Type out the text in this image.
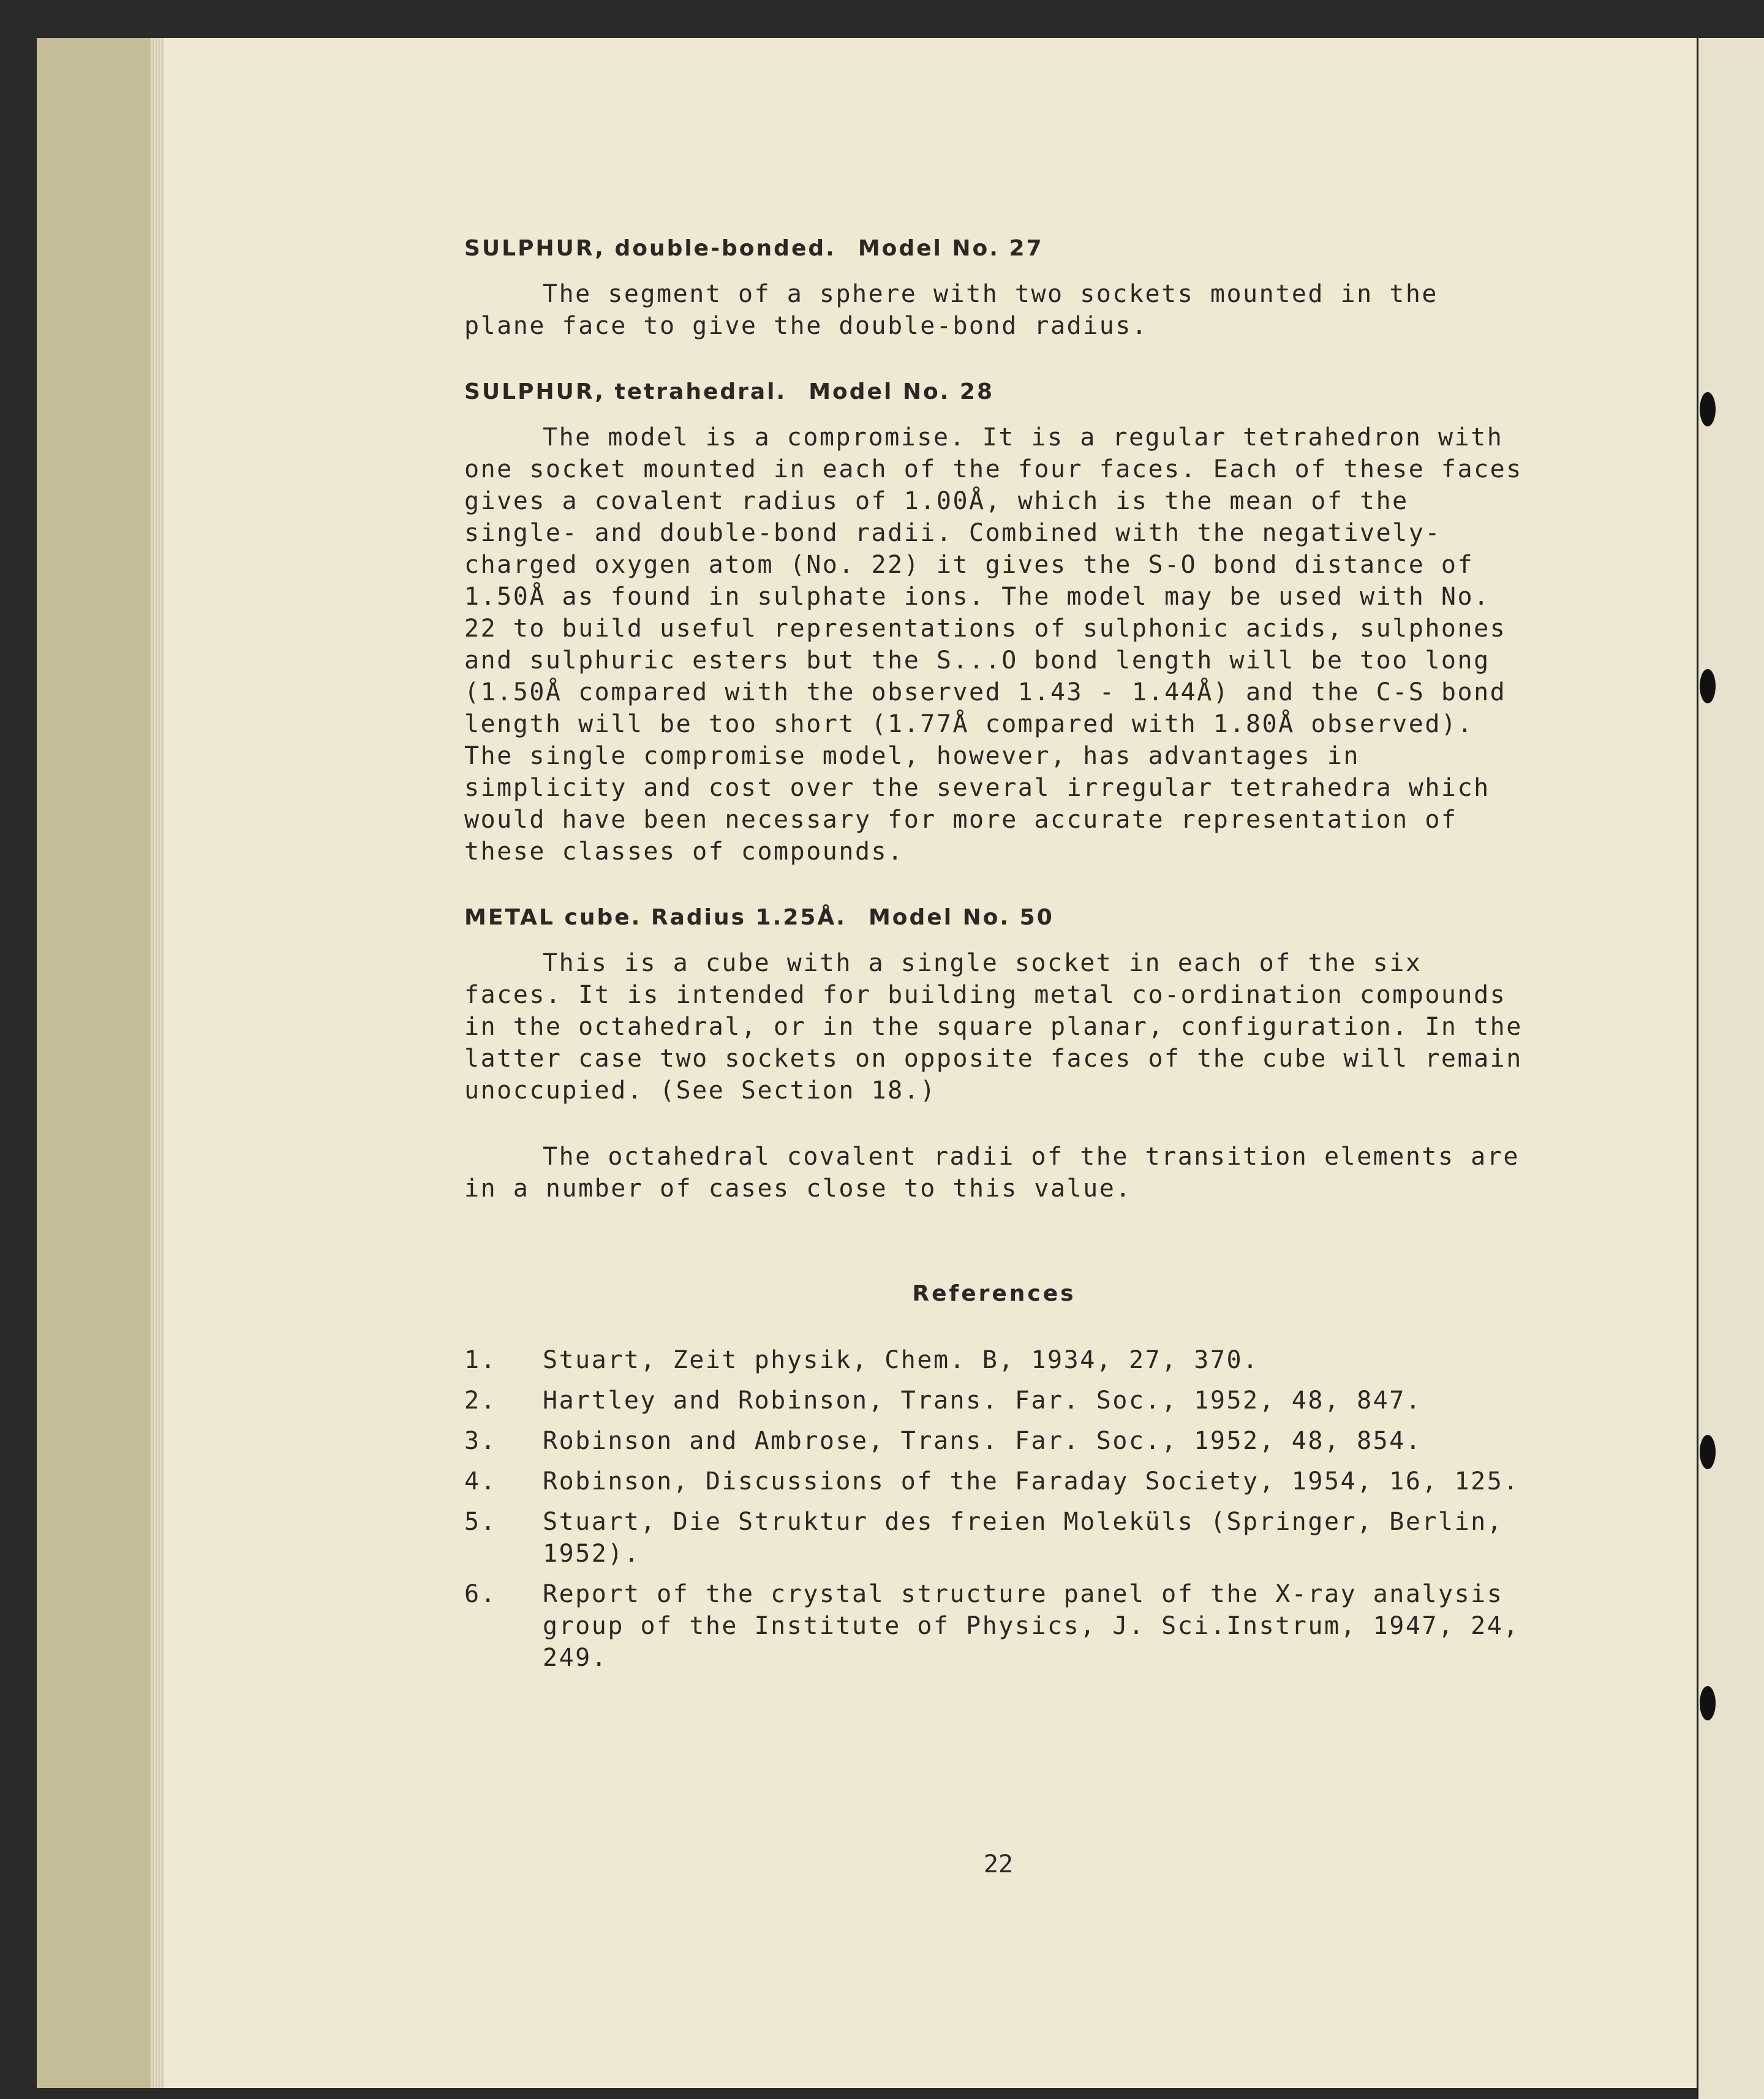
SULPHUR, double-bonded. Model No. 27

The segment of a sphere with two sockets mounted in the plane face to give the double-bond radius.

SULPHUR, tetrahedral. Model No. 28

The model is a compromise. It is a regular tetrahedron with one socket mounted in each of the four faces. Each of these faces gives a covalent radius of 1.00Å, which is the mean of the single- and double-bond radii. Combined with the negatively-charged oxygen atom (No. 22) it gives the S-O bond distance of 1.50Å as found in sulphate ions. The model may be used with No. 22 to build useful representations of sulphonic acids, sulphones and sulphuric esters but the S...O bond length will be too long (1.50Å compared with the observed 1.43 - 1.44Å) and the C-S bond length will be too short (1.77Å compared with 1.80Å observed). The single compromise model, however, has advantages in simplicity and cost over the several irregular tetrahedra which would have been necessary for more accurate representation of these classes of compounds.

METAL cube. Radius 1.25Å. Model No. 50

This is a cube with a single socket in each of the six faces. It is intended for building metal co-ordination compounds in the octahedral, or in the square planar, configuration. In the latter case two sockets on opposite faces of the cube will remain unoccupied. (See Section 18.)

The octahedral covalent radii of the transition elements are in a number of cases close to this value.

References

1.	Stuart, Zeit physik, Chem. B, 1934, 27, 370.
2.	Hartley and Robinson, Trans. Far. Soc., 1952, 48, 847.
3.	Robinson and Ambrose, Trans. Far. Soc., 1952, 48, 854.
4.	Robinson, Discussions of the Faraday Society, 1954, 16, 125.
5.	Stuart, Die Struktur des freien Moleküls (Springer, Berlin, 1952).
6.	Report of the crystal structure panel of the X-ray analysis group of the Institute of Physics, J. Sci.Instrum, 1947, 24, 249.
22
